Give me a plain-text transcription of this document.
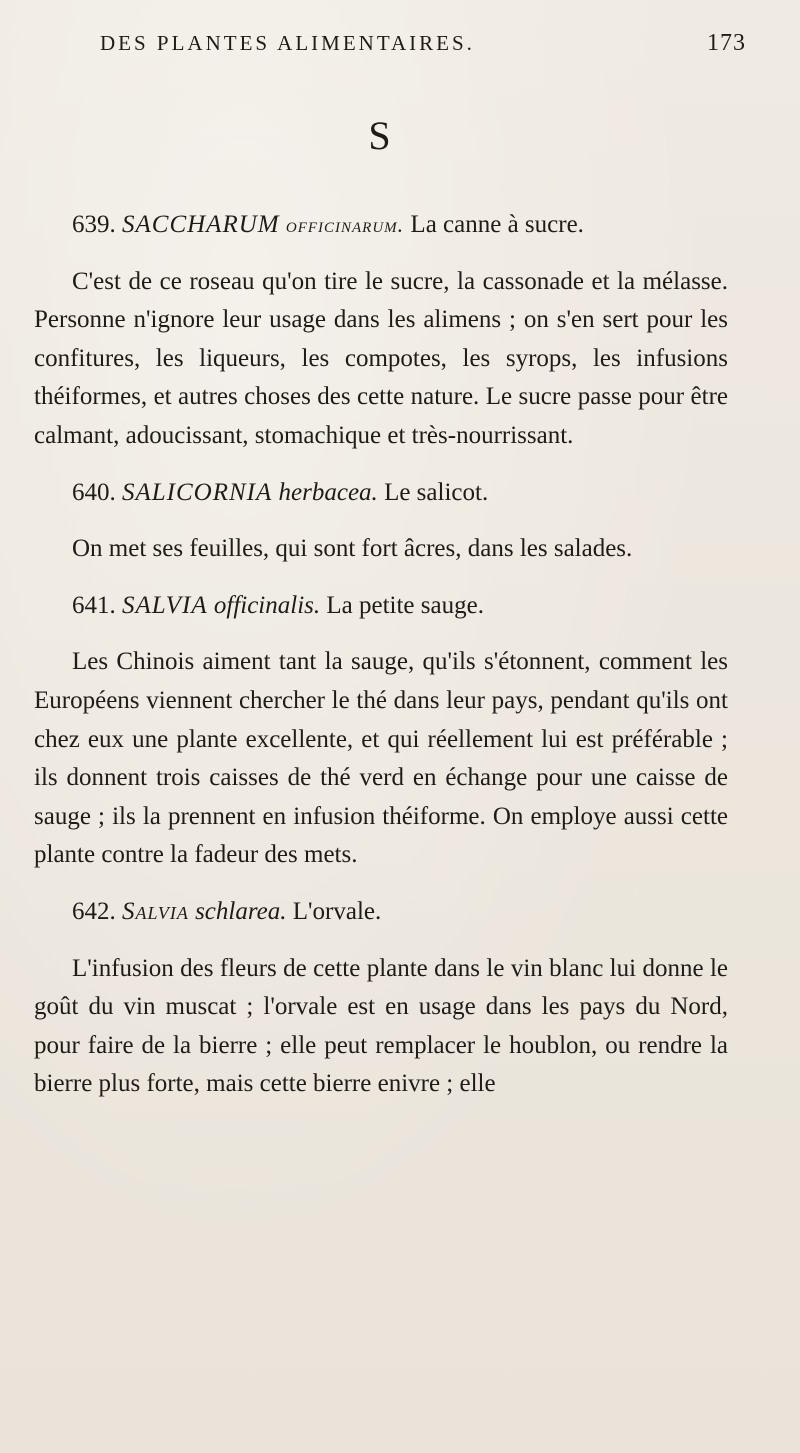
DES PLANTES ALIMENTAIRES.	173
S

639. SACCHARUM officinarum. La canne à sucre.

C'est de ce roseau qu'on tire le sucre, la cassonade et la mélasse. Personne n'ignore leur usage dans les alimens ; on s'en sert pour les confitures, les liqueurs, les compotes, les syrops, les infusions théiformes, et autres choses des cette nature. Le sucre passe pour être calmant, adoucissant, stomachique et très-nourrissant.

640. SALICORNIA herbacea. Le salicot.

On met ses feuilles, qui sont fort âcres, dans les salades.

641. SALVIA officinalis. La petite sauge.

Les Chinois aiment tant la sauge, qu'ils s'étonnent, comment les Européens viennent chercher le thé dans leur pays, pendant qu'ils ont chez eux une plante excellente, et qui réellement lui est préférable ; ils donnent trois caisses de thé verd en échange pour une caisse de sauge ; ils la prennent en infusion théiforme. On employe aussi cette plante contre la fadeur des mets.

642. Salvia schlarea. L'orvale.

L'infusion des fleurs de cette plante dans le vin blanc lui donne le goût du vin muscat ; l'orvale est en usage dans les pays du Nord, pour faire de la bierre ; elle peut remplacer le houblon, ou rendre la bierre plus forte, mais cette bierre enivre ; elle
